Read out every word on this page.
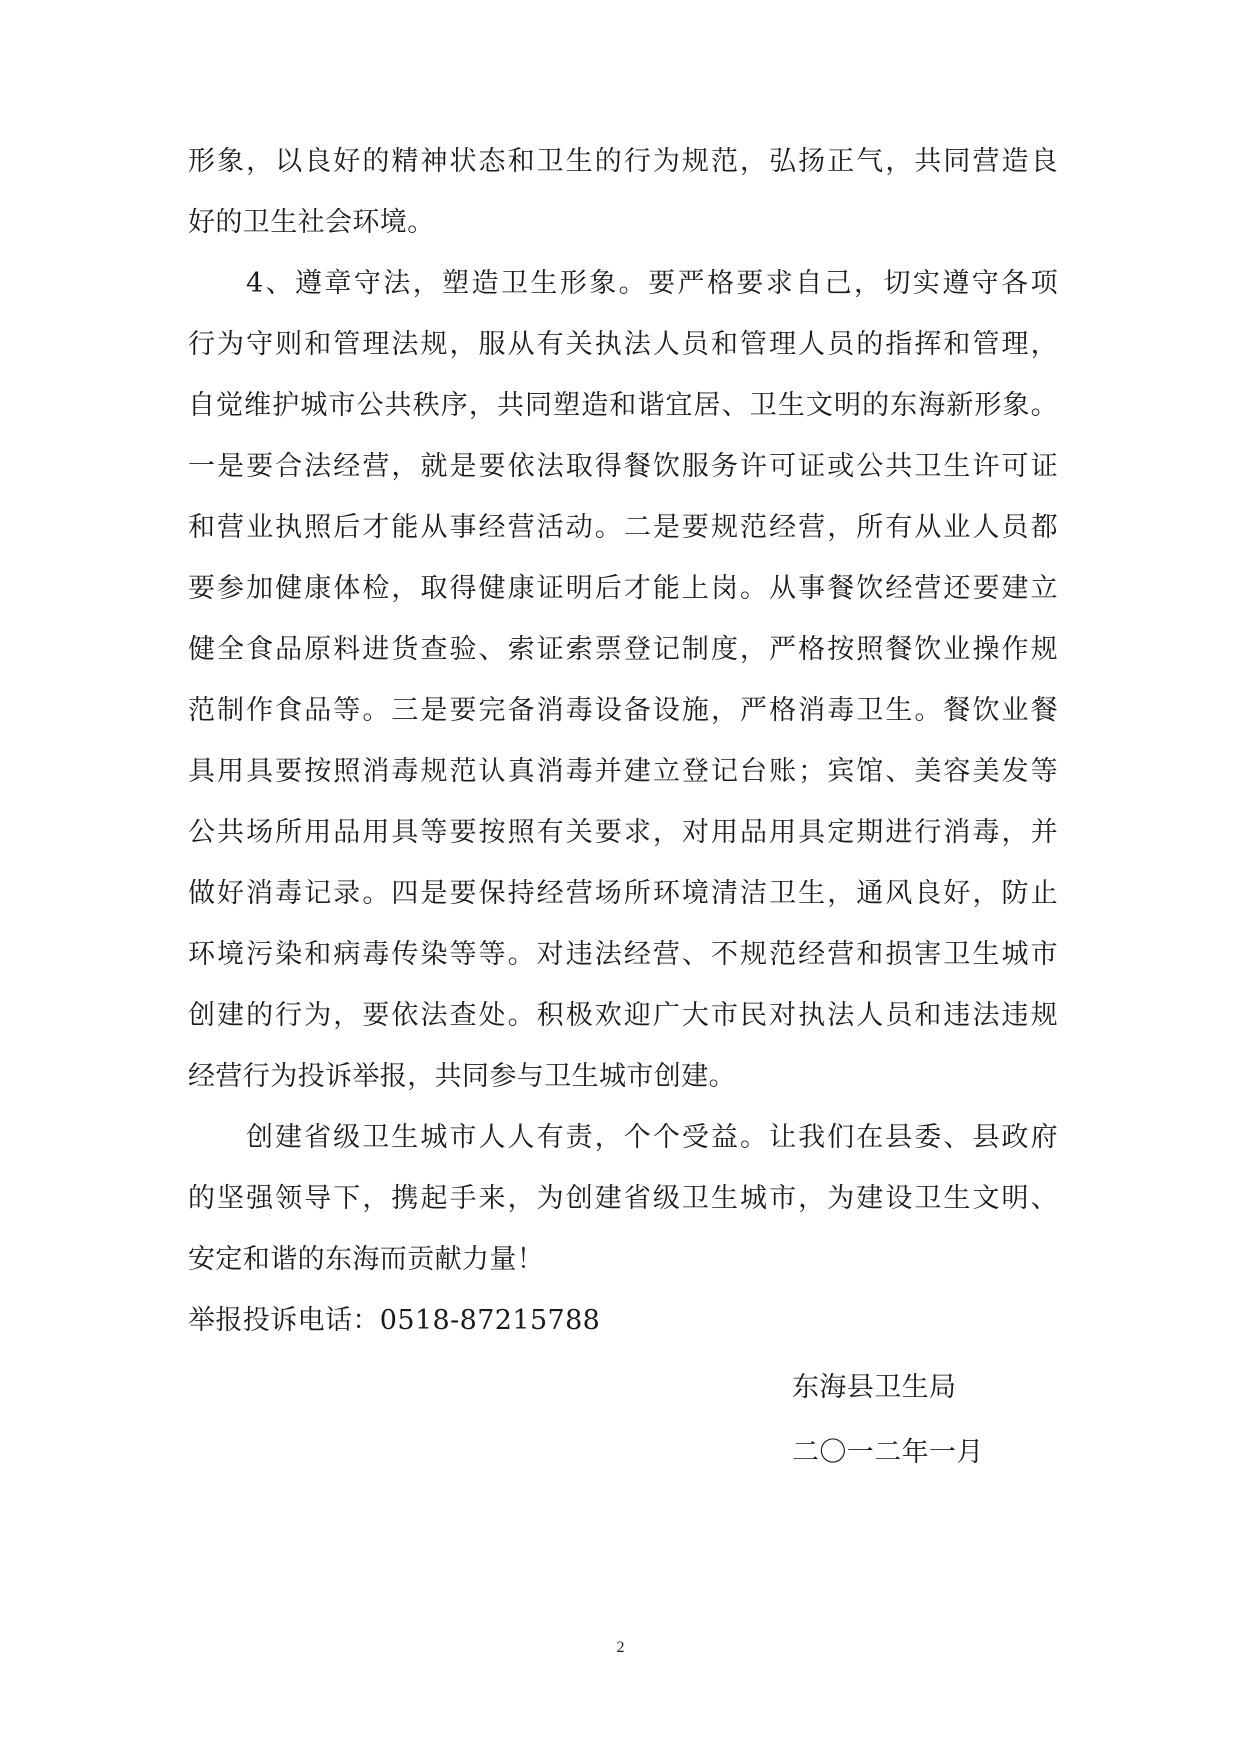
形象，以良好的精神状态和卫生的行为规范，弘扬正气，共同营造良
好的卫生社会环境。
4、遵章守法，塑造卫生形象。要严格要求自己，切实遵守各项
行为守则和管理法规，服从有关执法人员和管理人员的指挥和管理，
自觉维护城市公共秩序，共同塑造和谐宜居、卫生文明的东海新形象。
一是要合法经营，就是要依法取得餐饮服务许可证或公共卫生许可证
和营业执照后才能从事经营活动。二是要规范经营，所有从业人员都
要参加健康体检，取得健康证明后才能上岗。从事餐饮经营还要建立
健全食品原料进货查验、索证索票登记制度，严格按照餐饮业操作规
范制作食品等。三是要完备消毒设备设施，严格消毒卫生。餐饮业餐
具用具要按照消毒规范认真消毒并建立登记台账；宾馆、美容美发等
公共场所用品用具等要按照有关要求，对用品用具定期进行消毒，并
做好消毒记录。四是要保持经营场所环境清洁卫生，通风良好，防止
环境污染和病毒传染等等。对违法经营、不规范经营和损害卫生城市
创建的行为，要依法查处。积极欢迎广大市民对执法人员和违法违规
经营行为投诉举报，共同参与卫生城市创建。
创建省级卫生城市人人有责，个个受益。让我们在县委、县政府
的坚强领导下，携起手来，为创建省级卫生城市，为建设卫生文明、
安定和谐的东海而贡献力量！
举报投诉电话：0518-87215788
东海县卫生局
二〇一二年一月
2
